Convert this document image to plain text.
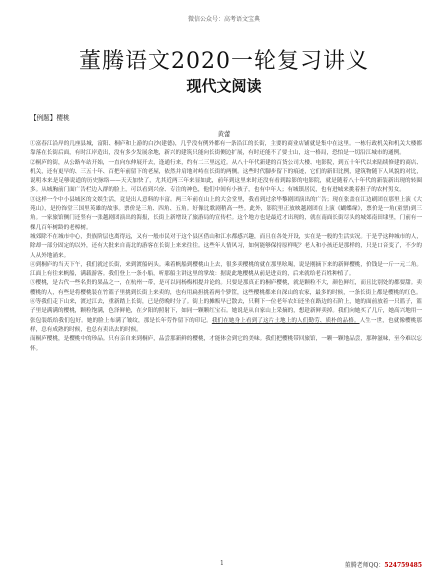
微信公众号：高考语文宝典
董腾语文2020一轮复习讲义
现代文阅读
【例题】樱桃
黄蕾

①富春江沿岸的几座县城，富阳、桐庐和上游的白沙(建德)，几乎没有例外都有一条沿江的长街，主要的商业店铺就是集中在这里。一栋行政机关和机关大楼都靠落在长街后面，有时江岸造出，没有多少发展余地，新兴的建筑只能向长街侧边扩展，有时还能不了要士山，这一格局，恐怕是一切沿江城市的通例。

②桐庐的街，从公路车站开始，一直向东伸展开去，逢通行来，约有二三里远近。从八十年代新建的百货公司大楼、电影院，到五十年代以来陆续修建的商店、机关，还有更早的、三五十年、百把年前留下的老屋，依然并肩地对峙在长街的两侧。这些时代腳步留下的痕迹，它们的新旧比例，建筑物随下人风貌的对比，说明本来是足够说道的历史脉络——天天加快了，尤其近两三年来显如此，前年到这里来时还没有看到踪影的电影院，就是随着八十年代的新装新出现的转圈多。从城胸前门面广告栏边入群的脸上，可以看到兴奋、专注的神色，他们中间有小孩子，也有中年人；有城镇居民，也有进城来挑着担子的农村男女。

③这样一个中小县城区的文娱生活，竟是出人意料的丰富。两三年前在山上的大会堂里，我看到过余毕黎剧团演出的广告；现在张盖在江边刷团在那里上演《大苑山》，是扮饰堂三国里英雄的故事。票价是三角、四角、五角。好像比歌剧稍高一些。此外，影院里正放映越剧团在上演《蝴蝶缘》，票价是一角(童票)到三角。一家旅馆侧门还竖有一张越剧团演出的海报，长街上新增设了旅游局的宣传栏。这个地方也是最近才出现的，就在南面长街尽头的城郊南田埭里，门前有一棵几百年树龄的老樟树。

城郊除不在城市中心，贵族阶层也离得远，又有一般市民对于这个县区借山和江水都感兴趣，而且在各处开设，实在是一般的生活实况。于是乎这种城市的人，除却一部分固定的以外，还有大批来自南北的游客在长街上来来往往。这些年人情风习，如何能够保持原样呢？老人和小孩还是那样的，只是口音变了，不少的人从外地涌来。

④到桐庐的当天下午，我们就过长街，来到渡船码头。乘着帆船到樱桃山上去，很多卖樱桃的就在那里吆喝，说是刚摘下来的新鲜樱桃，价钱是一斤一元二角。江面上有往来帆船，满载游客。我们登上一条小船，听那船主讲这里的掌故：据说此地樱桃从前是进贡的，后来就给老百姓种植了。

⑤樱桃，是古代一些名贵的果品之一，在杭州一带，是可以同杨梅相提并论的。只要是那真正的桐庐樱桃，就是颗粒不大，颜色鲜红，而且比别处的都要甜。卖樱桃的人，有些是将樱桃装在竹篮子里挑到长街上来卖的，也有用扁担挑着两个箩筐，这些樱桃都来自深山的农家，最多的时候，一条长街上都是樱桃的红色。

⑥等我们走下山来，渡过江去，重新踏上长街，已是傍晚时分了。街上的摊贩早已散去，只剩下一位老年农妇还坐在路边的石阶上，她的面前放着一只篮子，篮子里是满满的樱桃，颗粒饱满，色泽鲜艳，在夕阳的照射下，如同一颗颗红宝石。她说是从自家山上采摘的，想趁新鲜卖掉。我们向她买了几斤，她高兴地用一张包装纸给我们包好。她的脸上布满了皱纹，那是长年劳作留下的印记。我们在她身上看到了这片土地上的人们勤劳、质朴的品格。人生一世，也就像樱桃那样，总有成熟的时候，也总有卖出去的时候。

而桐庐樱桃，是樱桃中的珍品。只有亲自来到桐庐，品尝那新鲜的樱桃，才能体会到它的美味。我们把樱桃带回旅馆，一颗一颗地品尝，那种滋味，至今难以忘怀。

1	董腾老师QQ：524759485
